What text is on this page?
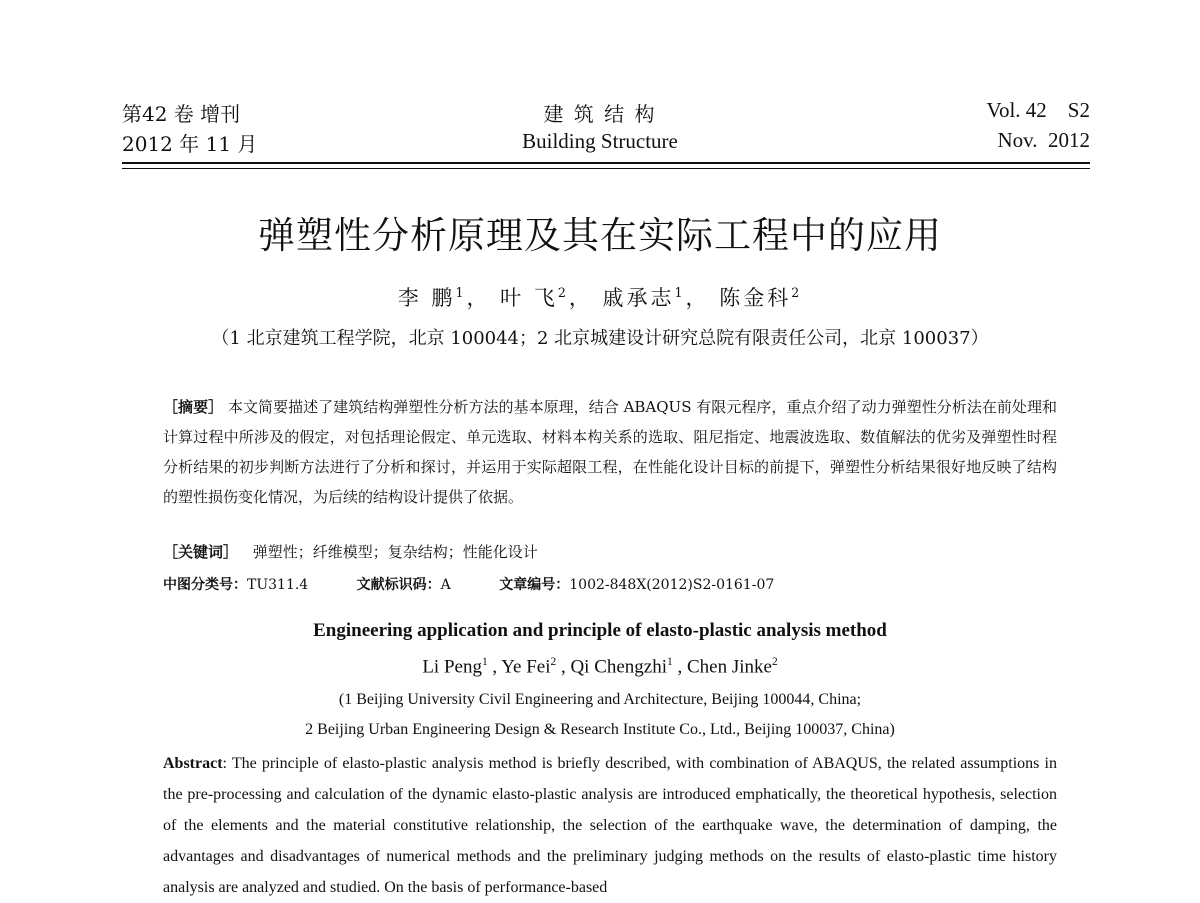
第42 卷 增刊
2012 年 11 月
建 筑 结 构
Building Structure
Vol. 42    S2
Nov.  2012
弹塑性分析原理及其在实际工程中的应用
李 鹏$^1$， 叶 飞$^2$， 戚承志$^1$， 陈金科$^2$
（1 北京建筑工程学院，北京 100044；2 北京城建设计研究总院有限责任公司，北京 100037）
［摘要］ 本文简要描述了建筑结构弹塑性分析方法的基本原理，结合 ABAQUS 有限元程序，重点介绍了动力弹塑性分析法在前处理和计算过程中所涉及的假定，对包括理论假定、单元选取、材料本构关系的选取、阻尼指定、地震波选取、数值解法的优劣及弹塑性时程分析结果的初步判断方法进行了分析和探讨，并运用于实际超限工程，在性能化设计目标的前提下，弹塑性分析结果很好地反映了结构的塑性损伤变化情况，为后续的结构设计提供了依据。
［关键词］ 弹塑性；纤维模型；复杂结构；性能化设计
中图分类号：TU311.4	文献标识码：A	文章编号：1002-848X(2012)S2-0161-07
Engineering application and principle of elasto-plastic analysis method
Li Peng$^1$ , Ye Fei$^2$ , Qi Chengzhi$^1$ , Chen Jinke$^2$
(1 Beijing University Civil Engineering and Architecture, Beijing 100044, China;
2 Beijing Urban Engineering Design & Research Institute Co., Ltd., Beijing 100037, China)
Abstract: The principle of elasto-plastic analysis method is briefly described, with combination of ABAQUS, the related assumptions in the pre-processing and calculation of the dynamic elasto-plastic analysis are introduced emphatically, the theoretical hypothesis, selection of the elements and the material constitutive relationship, the selection of the earthquake wave, the determination of damping, the advantages and disadvantages of numerical methods and the preliminary judging methods on the results of elasto-plastic time history analysis are analyzed and studied. On the basis of performance-based
